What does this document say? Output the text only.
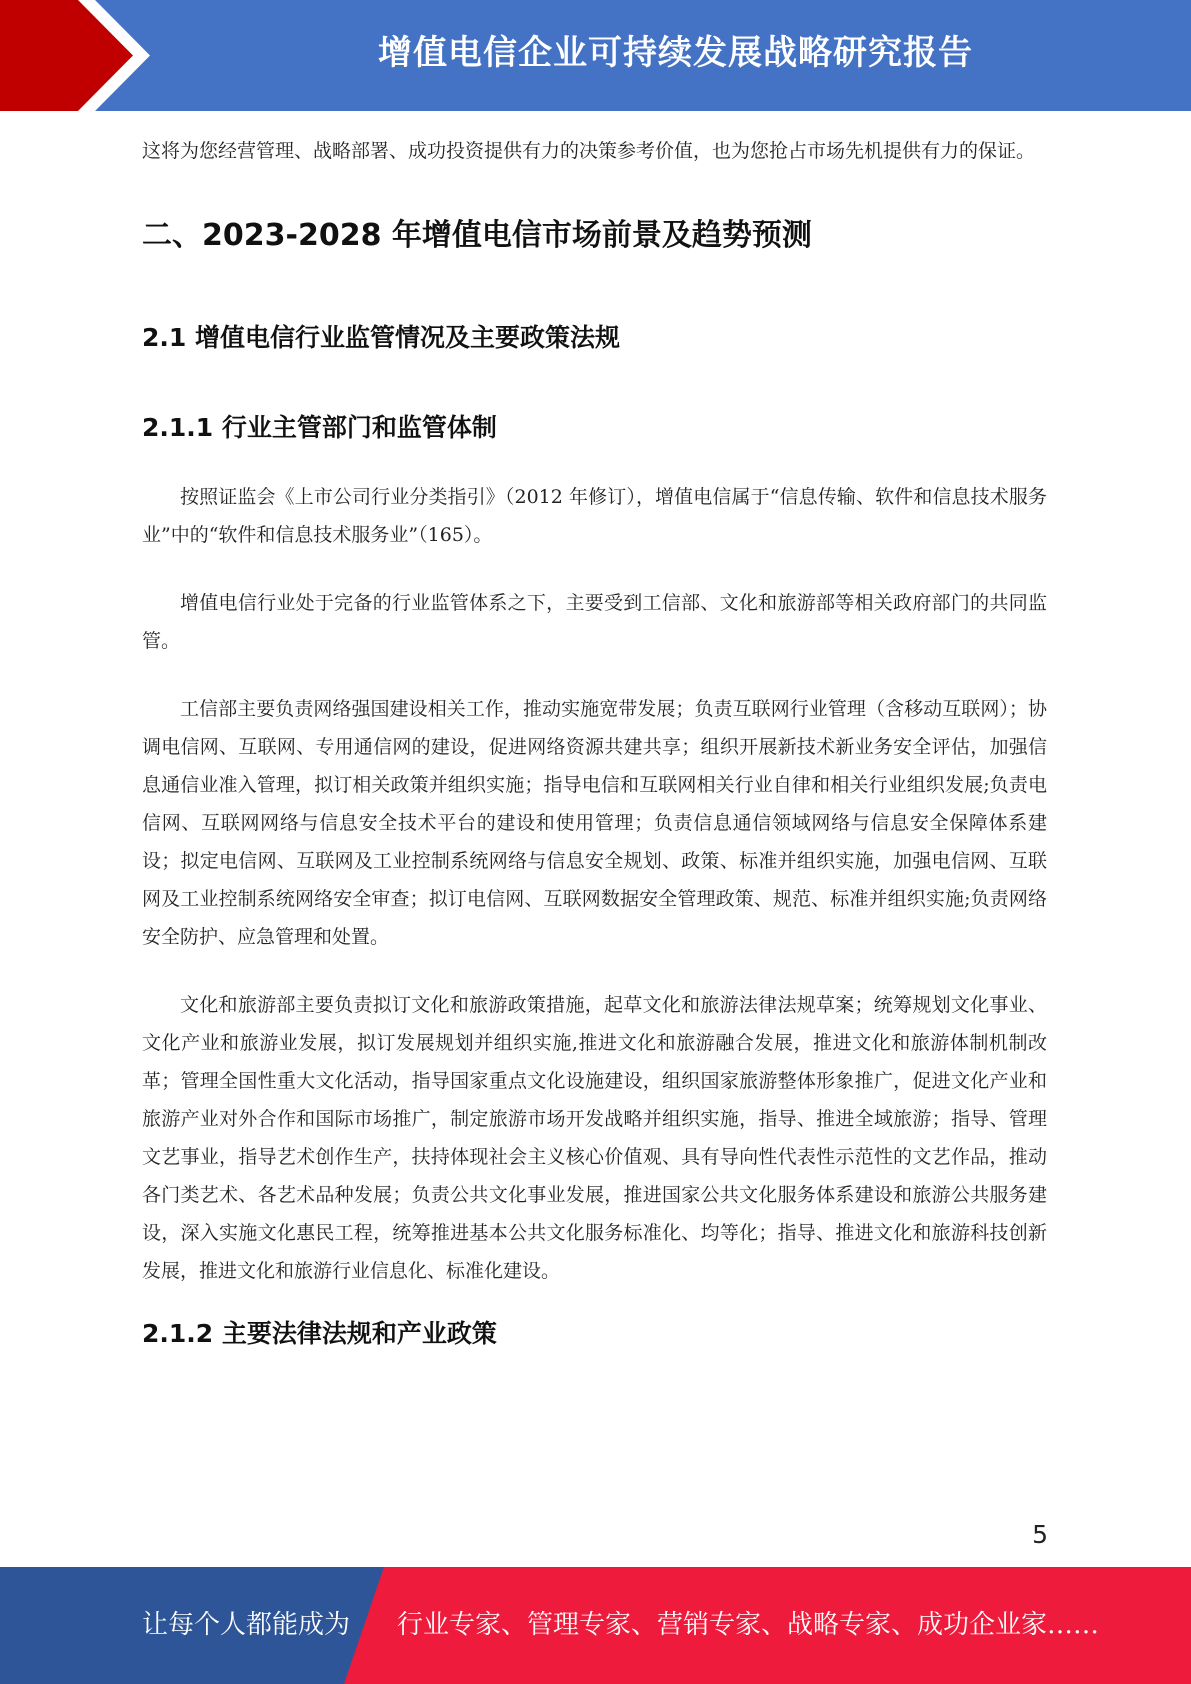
增值电信企业可持续发展战略研究报告

这将为您经营管理、战略部署、成功投资提供有力的决策参考价值，也为您抢占市场先机提供有力的保证。

二、2023-2028 年增值电信市场前景及趋势预测
2.1 增值电信行业监管情况及主要政策法规
2.1.1 行业主管部门和监管体制

按照证监会《上市公司行业分类指引》（2012 年修订），增值电信属于“信息传输、软件和信息技术服务业”中的“软件和信息技术服务业”（165）。

增值电信行业处于完备的行业监管体系之下，主要受到工信部、文化和旅游部等相关政府部门的共同监管。

工信部主要负责网络强国建设相关工作，推动实施宽带发展；负责互联网行业管理（含移动互联网）；协调电信网、互联网、专用通信网的建设，促进网络资源共建共享；组织开展新技术新业务安全评估，加强信息通信业准入管理，拟订相关政策并组织实施；指导电信和互联网相关行业自律和相关行业组织发展;负责电信网、互联网网络与信息安全技术平台的建设和使用管理；负责信息通信领域网络与信息安全保障体系建设；拟定电信网、互联网及工业控制系统网络与信息安全规划、政策、标准并组织实施，加强电信网、互联网及工业控制系统网络安全审查；拟订电信网、互联网数据安全管理政策、规范、标准并组织实施;负责网络安全防护、应急管理和处置。

文化和旅游部主要负责拟订文化和旅游政策措施，起草文化和旅游法律法规草案；统筹规划文化事业、文化产业和旅游业发展，拟订发展规划并组织实施,推进文化和旅游融合发展，推进文化和旅游体制机制改革；管理全国性重大文化活动，指导国家重点文化设施建设，组织国家旅游整体形象推广，促进文化产业和旅游产业对外合作和国际市场推广，制定旅游市场开发战略并组织实施，指导、推进全域旅游；指导、管理文艺事业，指导艺术创作生产，扶持体现社会主义核心价值观、具有导向性代表性示范性的文艺作品，推动各门类艺术、各艺术品种发展；负责公共文化事业发展，推进国家公共文化服务体系建设和旅游公共服务建设，深入实施文化惠民工程，统筹推进基本公共文化服务标准化、均等化；指导、推进文化和旅游科技创新发展，推进文化和旅游行业信息化、标准化建设。

2.1.2 主要法律法规和产业政策
5
让每个人都能成为 行业专家、管理专家、营销专家、战略专家、成功企业家……
